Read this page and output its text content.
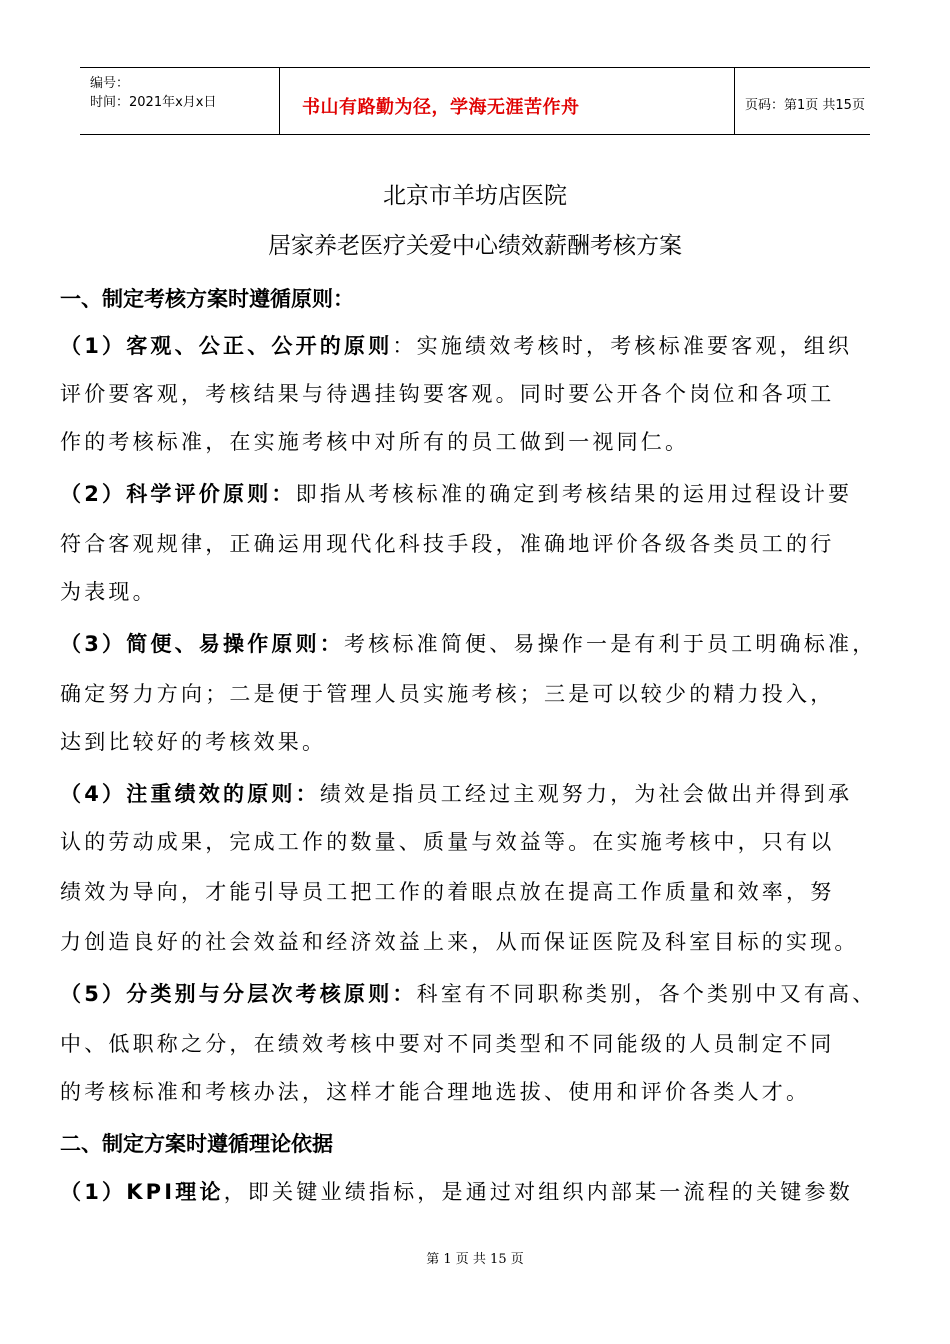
编号：
时间：2021年x月x日	书山有路勤为径，学海无涯苦作舟	页码：第1页 共15页
北京市羊坊店医院
居家养老医疗关爱中心绩效薪酬考核方案
一、制定考核方案时遵循原则：
（1）客观、公正、公开的原则：实施绩效考核时，考核标准要客观，组织
评价要客观，考核结果与待遇挂钩要客观。同时要公开各个岗位和各项工
作的考核标准，在实施考核中对所有的员工做到一视同仁。
（2）科学评价原则：即指从考核标准的确定到考核结果的运用过程设计要
符合客观规律，正确运用现代化科技手段，准确地评价各级各类员工的行
为表现。
（3）简便、易操作原则：考核标准简便、易操作一是有利于员工明确标准，
确定努力方向；二是便于管理人员实施考核；三是可以较少的精力投入，
达到比较好的考核效果。
（4）注重绩效的原则：绩效是指员工经过主观努力，为社会做出并得到承
认的劳动成果，完成工作的数量、质量与效益等。在实施考核中，只有以
绩效为导向，才能引导员工把工作的着眼点放在提高工作质量和效率，努
力创造良好的社会效益和经济效益上来，从而保证医院及科室目标的实现。
（5）分类别与分层次考核原则：科室有不同职称类别，各个类别中又有高、
中、低职称之分，在绩效考核中要对不同类型和不同能级的人员制定不同
的考核标准和考核办法，这样才能合理地选拔、使用和评价各类人才。
二、制定方案时遵循理论依据
（1）KPI理论，即关键业绩指标，是通过对组织内部某一流程的关键参数
第 1 页 共 15 页
